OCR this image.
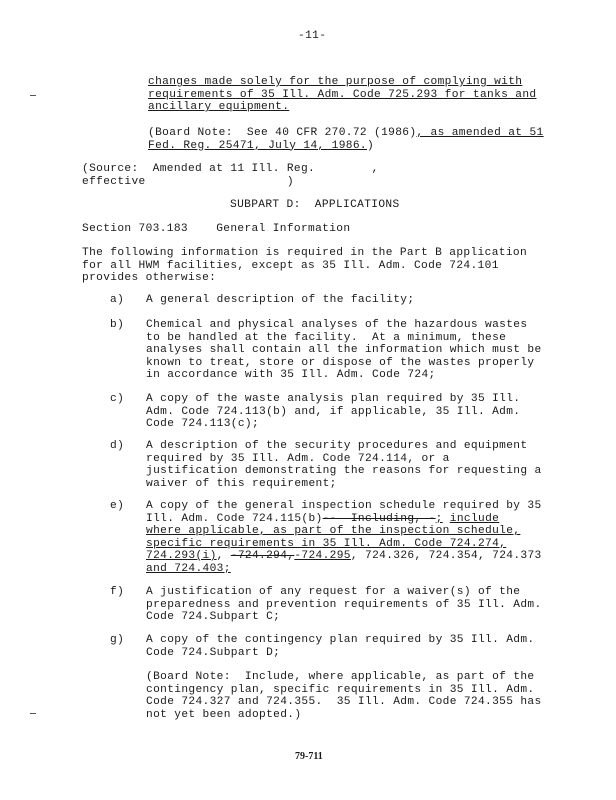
-11-
changes made solely for the purpose of complying with
requirements of 35 Ill. Adm. Code 725.293 for tanks and
ancillary equipment.
(Board Note:  See 40 CFR 270.72 (1986), as amended at 51
Fed. Reg. 25471, July 14, 1986.)
(Source:  Amended at 11 Ill. Reg.        ,
effective                    )
SUBPART D:  APPLICATIONS
Section 703.183    General Information
The following information is required in the Part B application
for all HWM facilities, except as 35 Ill. Adm. Code 724.101
provides otherwise:
a) A general description of the facility;
b) Chemical and physical analyses of the hazardous wastes
to be handled at the facility.  At a minimum, these
analyses shall contain all the information which must be
known to treat, store or dispose of the wastes properly
in accordance with 35 Ill. Adm. Code 724;
c) A copy of the waste analysis plan required by 35 Ill.
Adm. Code 724.113(b) and, if applicable, 35 Ill. Adm.
Code 724.113(c);
d) A description of the security procedures and equipment
required by 35 Ill. Adm. Code 724.114, or a
justification demonstrating the reasons for requesting a
waiver of this requirement;
e) A copy of the general inspection schedule required by 35
Ill. Adm. Code 724.115(b)--  Including, -; include
where applicable, as part of the inspection schedule,
specific requirements in 35 Ill. Adm. Code 724.274,
724.293(i), -724.294,-724.295, 724.326, 724.354, 724.373
and 724.403;
f) A justification of any request for a waiver(s) of the
preparedness and prevention requirements of 35 Ill. Adm.
Code 724.Subpart C;
g) A copy of the contingency plan required by 35 Ill. Adm.
Code 724.Subpart D;
(Board Note:  Include, where applicable, as part of the
contingency plan, specific requirements in 35 Ill. Adm.
Code 724.327 and 724.355.  35 Ill. Adm. Code 724.355 has
not yet been adopted.)
79-711
